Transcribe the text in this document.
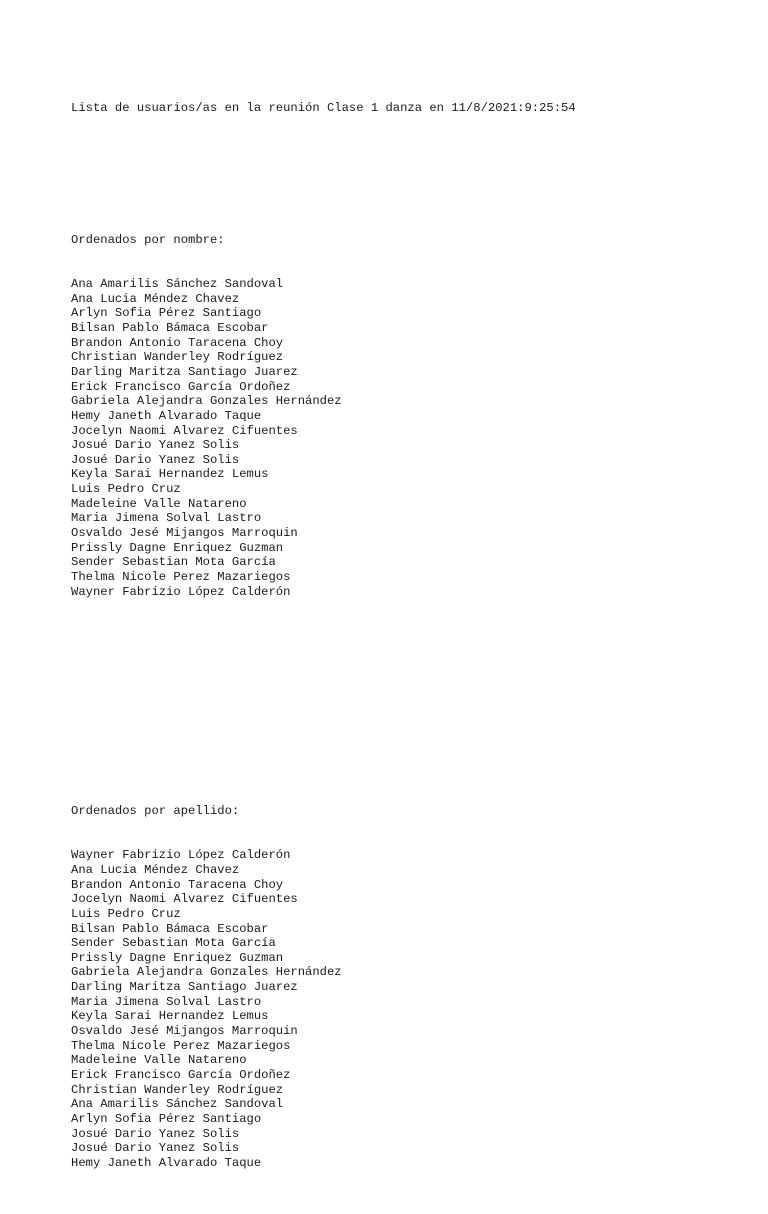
Lista de usuarios/as en la reunión Clase 1 danza en 11/8/2021:9:25:54

Ordenados por nombre:

Ana Amarilis Sánchez Sandoval
Ana Lucia Méndez Chavez
Arlyn Sofia Pérez Santiago
Bilsan Pablo Bámaca Escobar
Brandon Antonio Taracena Choy
Christian Wanderley Rodríguez
Darling Maritza Santiago Juarez
Erick Francisco García Ordoñez
Gabriela Alejandra Gonzales Hernández
Hemy Janeth Alvarado Taque
Jocelyn Naomi Alvarez Cifuentes
Josué Dario Yanez Solis
Josué Dario Yanez Solis
Keyla Sarai Hernandez Lemus
Luis Pedro Cruz
Madeleine Valle Natareno
Maria Jimena Solval Lastro
Osvaldo Jesé Mijangos Marroquin
Prissly Dagne Enriquez Guzman
Sender Sebastian Mota García
Thelma Nicole Perez Mazariegos
Wayner Fabrizio López Calderón

Ordenados por apellido:

Wayner Fabrizio López Calderón
Ana Lucia Méndez Chavez
Brandon Antonio Taracena Choy
Jocelyn Naomi Alvarez Cifuentes
Luis Pedro Cruz
Bilsan Pablo Bámaca Escobar
Sender Sebastian Mota García
Prissly Dagne Enriquez Guzman
Gabriela Alejandra Gonzales Hernández
Darling Maritza Santiago Juarez
Maria Jimena Solval Lastro
Keyla Sarai Hernandez Lemus
Osvaldo Jesé Mijangos Marroquin
Thelma Nicole Perez Mazariegos
Madeleine Valle Natareno
Erick Francisco García Ordoñez
Christian Wanderley Rodríguez
Ana Amarilis Sánchez Sandoval
Arlyn Sofia Pérez Santiago
Josué Dario Yanez Solis
Josué Dario Yanez Solis
Hemy Janeth Alvarado Taque
